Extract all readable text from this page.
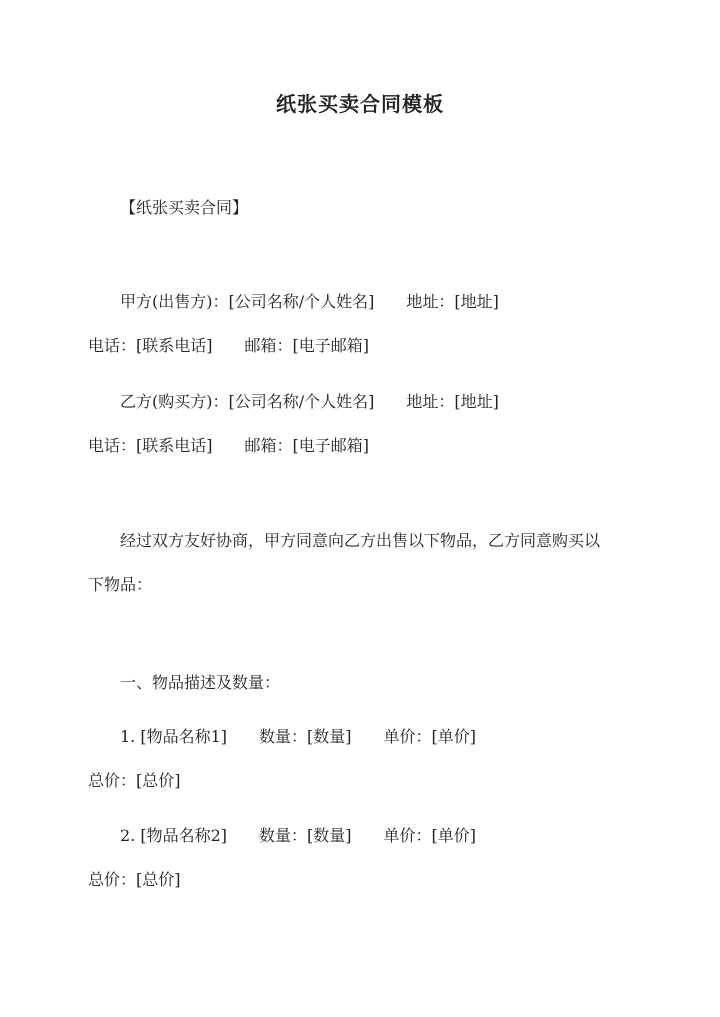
纸张买卖合同模板
【纸张买卖合同】
甲方(出售方)：[公司名称/个人姓名] 地址：[地址]
电话：[联系电话] 邮箱：[电子邮箱]
乙方(购买方)：[公司名称/个人姓名] 地址：[地址]
电话：[联系电话] 邮箱：[电子邮箱]
经过双方友好协商，甲方同意向乙方出售以下物品，乙方同意购买以
下物品：
一、物品描述及数量：
1. [物品名称1] 数量：[数量] 单价：[单价]
总价：[总价]
2. [物品名称2] 数量：[数量] 单价：[单价]
总价：[总价]
